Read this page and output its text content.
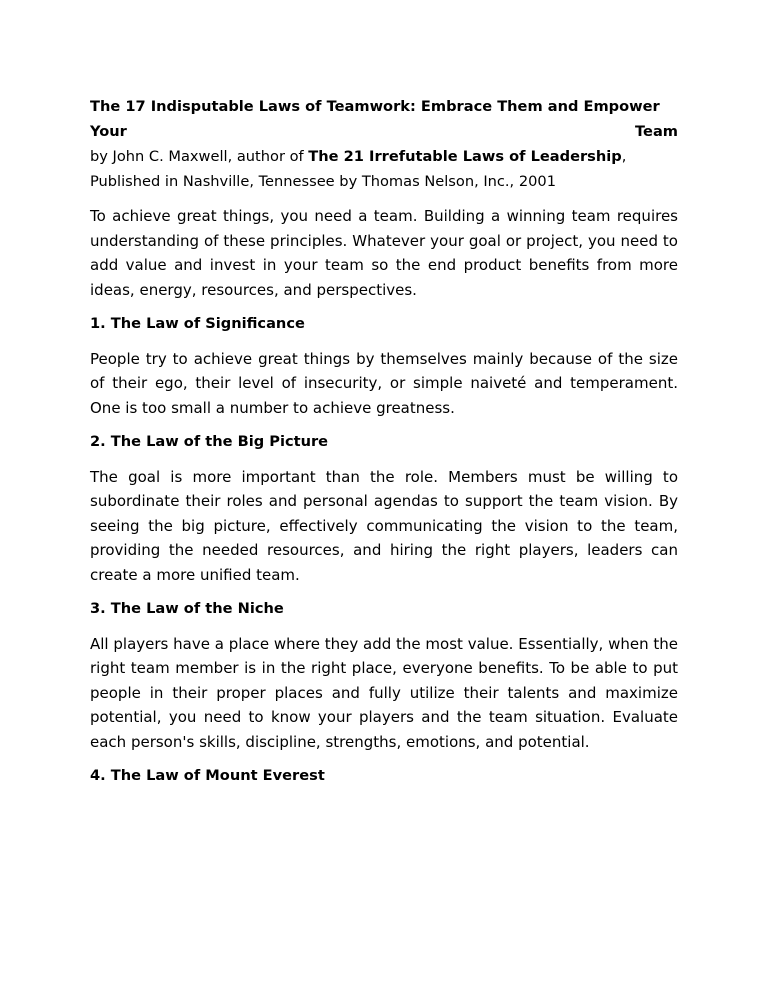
The 17 Indisputable Laws of Teamwork: Embrace Them and Empower
Your	Team
by John C. Maxwell, author of The 21 Irrefutable Laws of Leadership,
Published in Nashville, Tennessee by Thomas Nelson, Inc., 2001

To achieve great things, you need a team. Building a winning team requires understanding of these principles. Whatever your goal or project, you need to add value and invest in your team so the end product benefits from more ideas, energy, resources, and perspectives.

1. The Law of Significance

People try to achieve great things by themselves mainly because of the size of their ego, their level of insecurity, or simple naiveté and temperament. One is too small a number to achieve greatness.

2. The Law of the Big Picture

The goal is more important than the role. Members must be willing to subordinate their roles and personal agendas to support the team vision. By seeing the big picture, effectively communicating the vision to the team, providing the needed resources, and hiring the right players, leaders can create a more unified team.

3. The Law of the Niche

All players have a place where they add the most value. Essentially, when the right team member is in the right place, everyone benefits. To be able to put people in their proper places and fully utilize their talents and maximize potential, you need to know your players and the team situation. Evaluate each person's skills, discipline, strengths, emotions, and potential.

4. The Law of Mount Everest
